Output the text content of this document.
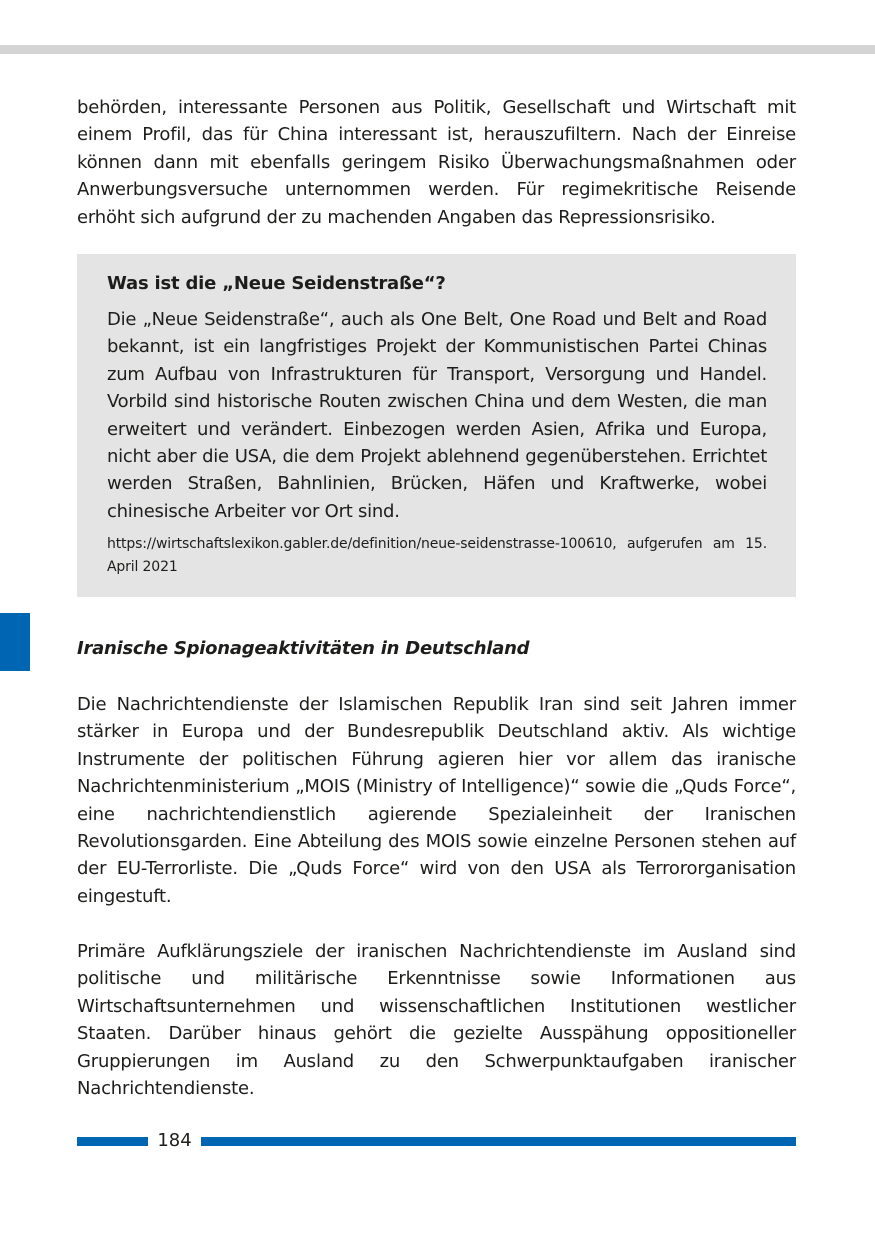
behörden, interessante Personen aus Politik, Gesellschaft und Wirtschaft mit einem Profil, das für China interessant ist, herauszufiltern. Nach der Einreise können dann mit ebenfalls geringem Risiko Überwachungsmaßnahmen oder Anwerbungsversuche unternommen werden. Für regimekritische Reisende erhöht sich aufgrund der zu machenden Angaben das Repressionsrisiko.

Was ist die „Neue Seidenstraße“?

Die „Neue Seidenstraße“, auch als One Belt, One Road und Belt and Road bekannt, ist ein langfristiges Projekt der Kommunistischen Partei Chinas zum Aufbau von Infrastrukturen für Transport, Versorgung und Handel. Vorbild sind historische Routen zwischen China und dem Westen, die man erweitert und verändert. Einbezogen werden Asien, Afrika und Europa, nicht aber die USA, die dem Projekt ablehnend gegenüberstehen. Errichtet werden Straßen, Bahnlinien, Brücken, Häfen und Kraftwerke, wobei chinesische Arbeiter vor Ort sind.

https://wirtschaftslexikon.gabler.de/definition/neue-seidenstrasse-100610, aufgerufen am 15. April 2021

Iranische Spionageaktivitäten in Deutschland

Die Nachrichtendienste der Islamischen Republik Iran sind seit Jahren immer stärker in Europa und der Bundesrepublik Deutschland aktiv. Als wichtige Instrumente der politischen Führung agieren hier vor allem das iranische Nachrichtenministerium „MOIS (Ministry of Intelligence)“ sowie die „Quds Force“, eine nachrichtendienstlich agierende Spezialeinheit der Iranischen Revolutionsgarden. Eine Abteilung des MOIS sowie einzelne Personen stehen auf der EU-Terrorliste. Die „Quds Force“ wird von den USA als Terrororganisation eingestuft.

Primäre Aufklärungsziele der iranischen Nachrichtendienste im Ausland sind politische und militärische Erkenntnisse sowie Informationen aus Wirtschaftsunternehmen und wissenschaftlichen Institutionen westlicher Staaten. Darüber hinaus gehört die gezielte Ausspähung oppositioneller Gruppierungen im Ausland zu den Schwerpunktaufgaben iranischer Nachrichtendienste.

184
